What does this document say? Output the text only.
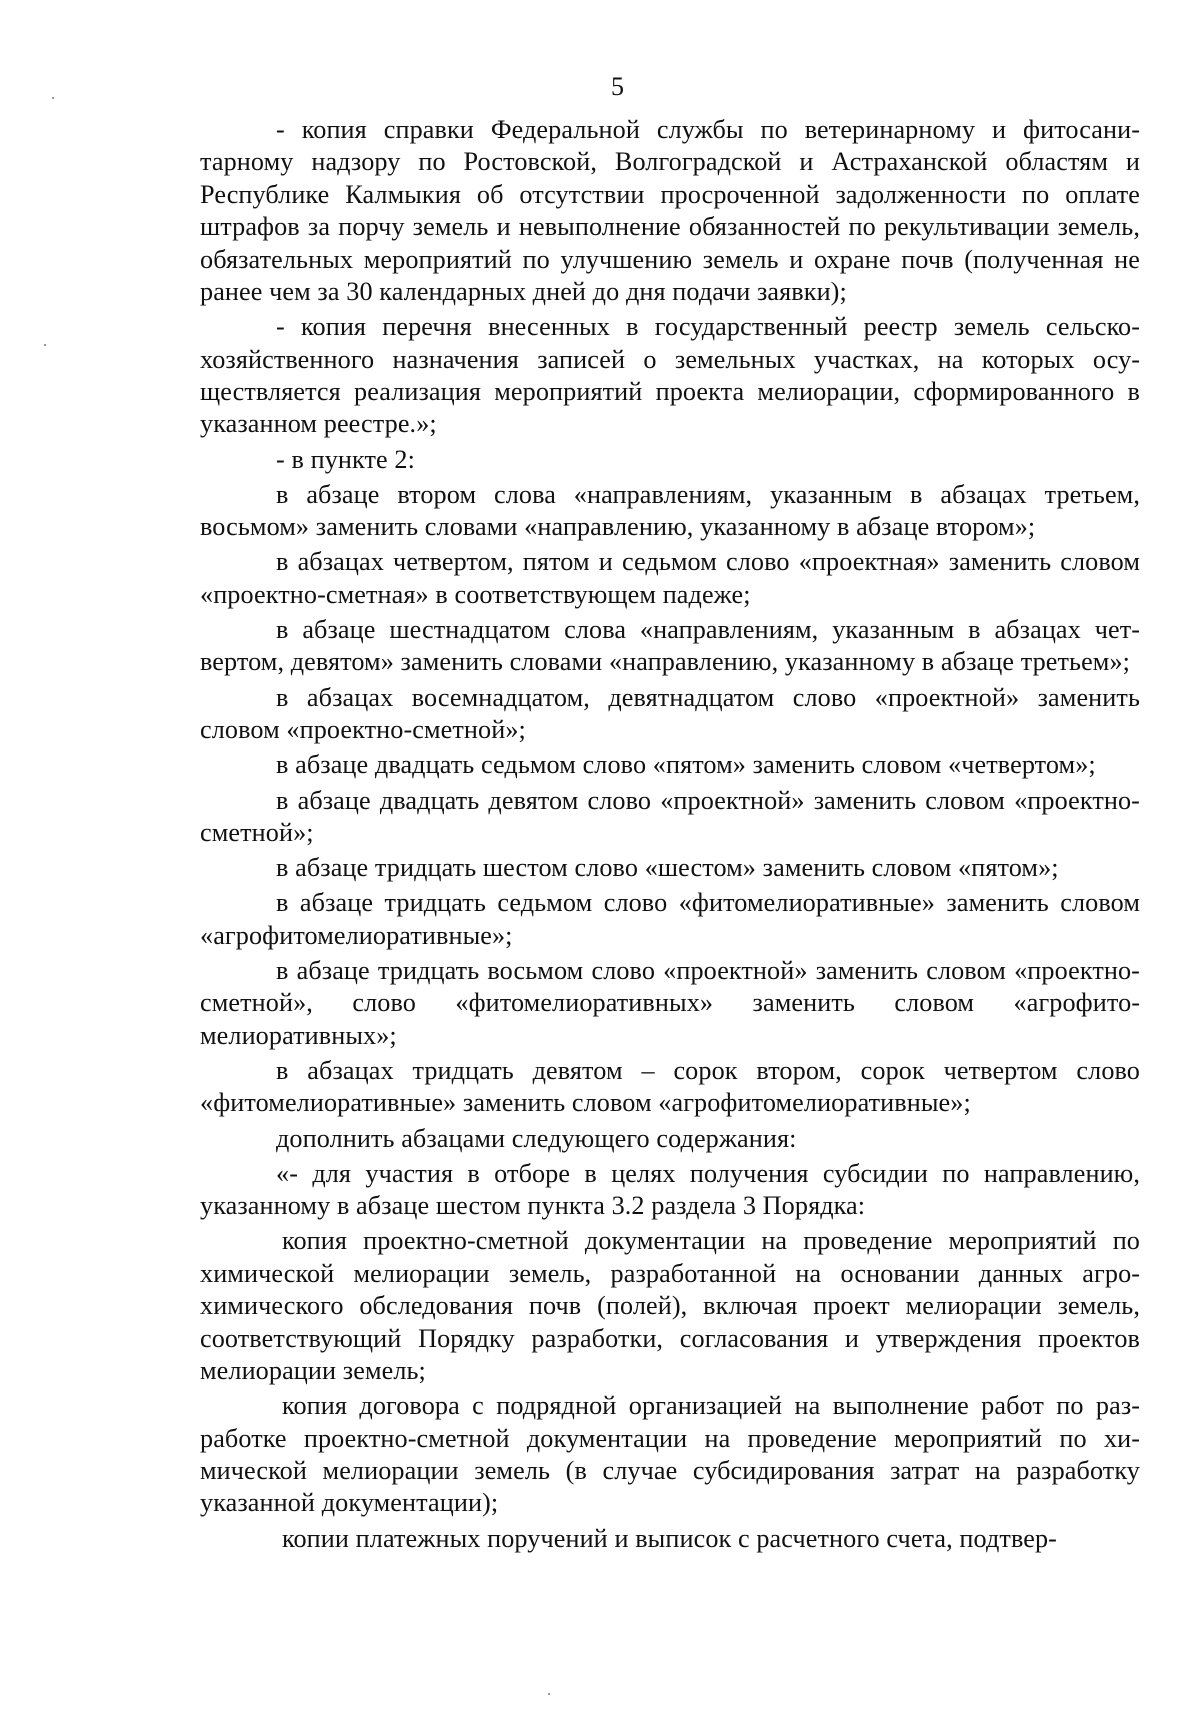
5

- копия справки Федеральной службы по ветеринарному и фитосанитарному надзору по Ростовской, Волгоградской и Астраханской областям и Республике Калмыкия об отсутствии просроченной задолженности по оплате штрафов за порчу земель и невыполнение обязанностей по рекультивации земель, обязательных мероприятий по улучшению земель и охране почв (полученная не ранее чем за 30 календарных дней до дня подачи заявки);

- копия перечня внесенных в государственный реестр земель сельскохозяйственного назначения записей о земельных участках, на которых осуществляется реализация мероприятий проекта мелиорации, сформированного в указанном реестре.»;

- в пункте 2:

в абзаце втором слова «направлениям, указанным в абзацах третьем, восьмом» заменить словами «направлению, указанному в абзаце втором»;

в абзацах четвертом, пятом и седьмом слово «проектная» заменить словом «проектно-сметная» в соответствующем падеже;

в абзаце шестнадцатом слова «направлениям, указанным в абзацах четвертом, девятом» заменить словами «направлению, указанному в абзаце третьем»;

в абзацах восемнадцатом, девятнадцатом слово «проектной» заменить словом «проектно-сметной»;

в абзаце двадцать седьмом слово «пятом» заменить словом «четвертом»;

в абзаце двадцать девятом слово «проектной» заменить словом «проектно-сметной»;

в абзаце тридцать шестом слово «шестом» заменить словом «пятом»;

в абзаце тридцать седьмом слово «фитомелиоративные» заменить словом «агрофитомелиоративные»;

в абзаце тридцать восьмом слово «проектной» заменить словом «проектно-сметной», слово «фитомелиоративных» заменить словом «агрофитомелиоративных»;

в абзацах тридцать девятом – сорок втором, сорок четвертом слово «фитомелиоративные» заменить словом «агрофитомелиоративные»;

дополнить абзацами следующего содержания:

«- для участия в отборе в целях получения субсидии по направлению, указанному в абзаце шестом пункта 3.2 раздела 3 Порядка:

копия проектно-сметной документации на проведение мероприятий по химической мелиорации земель, разработанной на основании данных агрохимического обследования почв (полей), включая проект мелиорации земель, соответствующий Порядку разработки, согласования и утверждения проектов мелиорации земель;

копия договора с подрядной организацией на выполнение работ по разработке проектно-сметной документации на проведение мероприятий по химической мелиорации земель (в случае субсидирования затрат на разработку указанной документации);

копии платежных поручений и выписок с расчетного счета, подтвер-
